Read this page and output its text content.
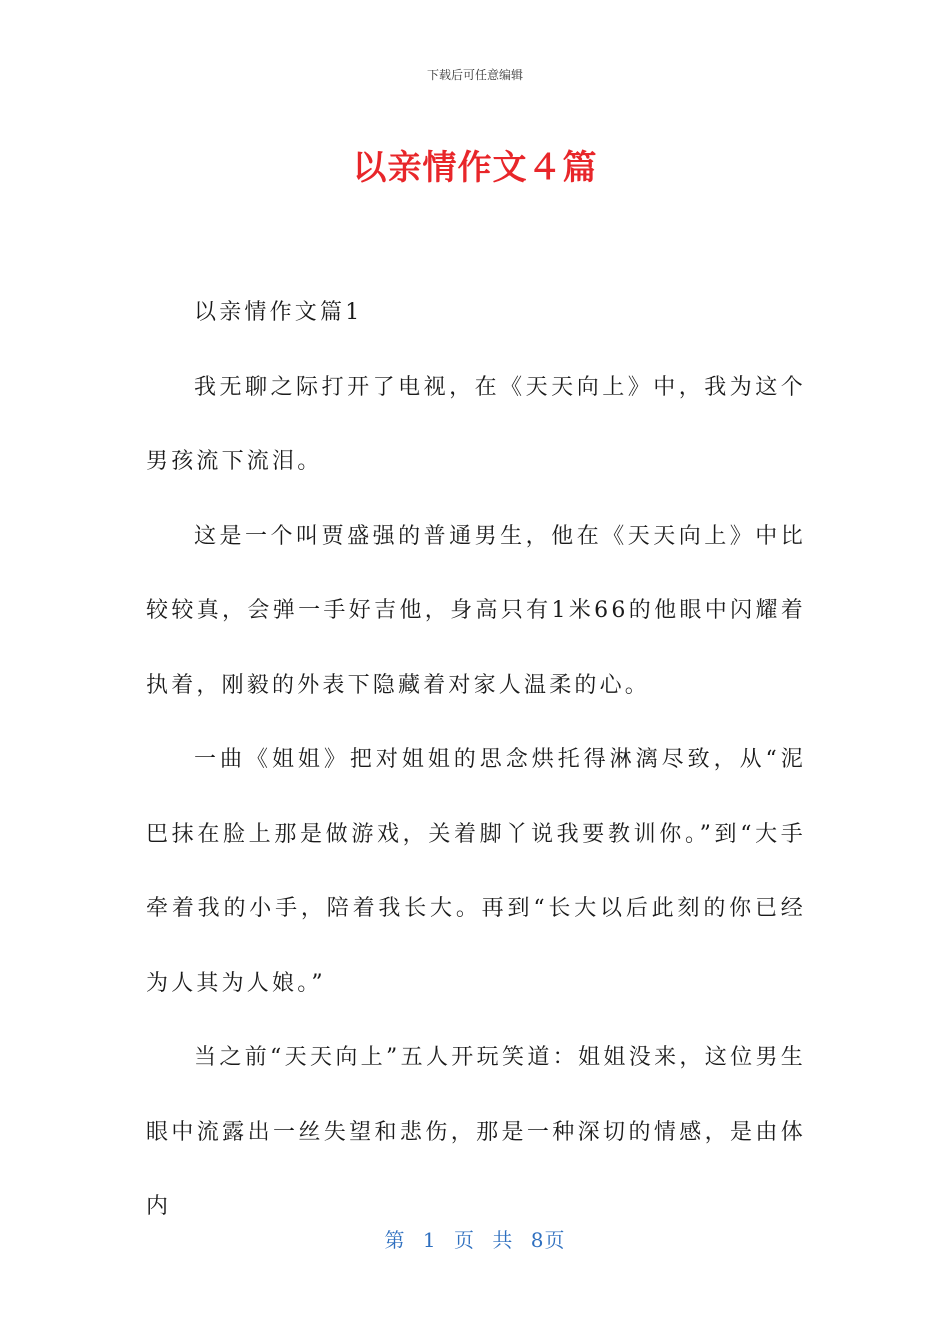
下载后可任意编辑
以亲情作文４篇

以亲情作文篇1

我无聊之际打开了电视，在《天天向上》中，我为这个男孩流下流泪。

这是一个叫贾盛强的普通男生，他在《天天向上》中比较较真，会弹一手好吉他，身高只有1米66的他眼中闪耀着执着，刚毅的外表下隐藏着对家人温柔的心。

一曲《姐姐》把对姐姐的思念烘托得淋漓尽致，从“泥巴抹在脸上那是做游戏，关着脚丫说我要教训你。”到“大手牵着我的小手，陪着我长大。再到“长大以后此刻的你已经为人其为人娘。”

当之前“天天向上”五人开玩笑道：姐姐没来，这位男生眼中流露出一丝失望和悲伤，那是一种深切的情感，是由体内

第 1 页 共 8页
